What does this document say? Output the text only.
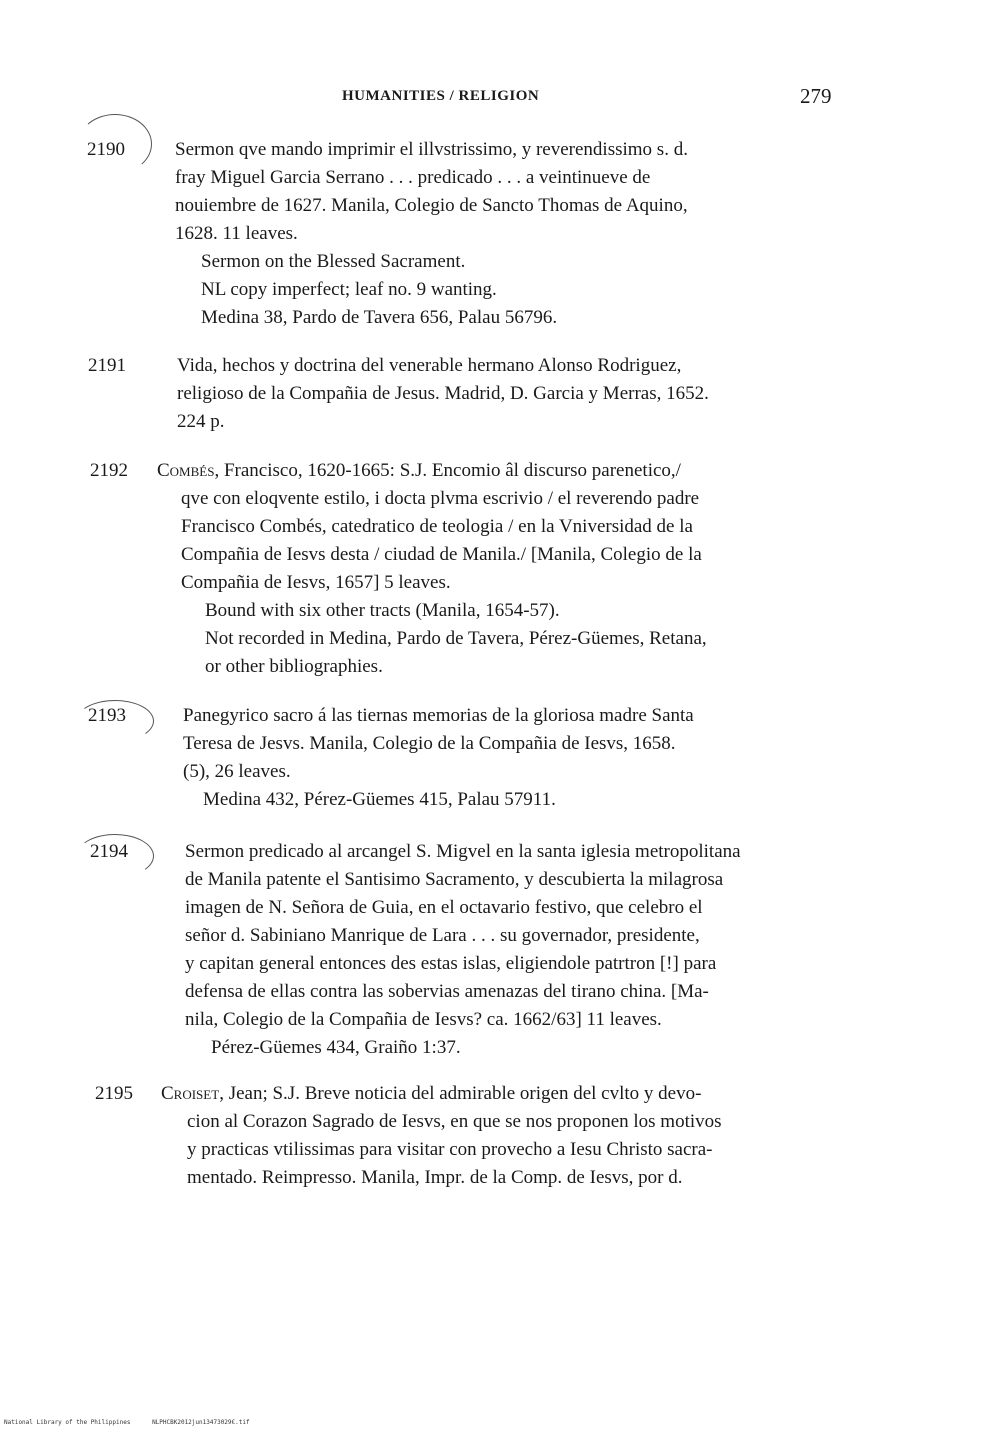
HUMANITIES / RELIGION	279
2190	Sermon qve mando imprimir el illvstrissimo, y reverendissimo s. d.
fray Miguel Garcia Serrano . . . predicado . . . a veintinueve de
nouiembre de 1627. Manila, Colegio de Sancto Thomas de Aquino,
1628. 11 leaves.
Sermon on the Blessed Sacrament.
NL copy imperfect; leaf no. 9 wanting.
Medina 38, Pardo de Tavera 656, Palau 56796.
2191	Vida, hechos y doctrina del venerable hermano Alonso Rodriguez,
religioso de la Compañia de Jesus. Madrid, D. Garcia y Merras, 1652.
224 p.
2192 Combés, Francisco, 1620-1665: S.J. Encomio âl discurso parenetico,/
qve con eloqvente estilo, i docta plvma escrivio / el reverendo padre
Francisco Combés, catedratico de teologia / en la Vniversidad de la
Compañia de Iesvs desta / ciudad de Manila./ [Manila, Colegio de la
Compañia de Iesvs, 1657] 5 leaves.
Bound with six other tracts (Manila, 1654-57).
Not recorded in Medina, Pardo de Tavera, Pérez-Güemes, Retana,
or other bibliographies.
2193	Panegyrico sacro á las tiernas memorias de la gloriosa madre Santa
Teresa de Jesvs. Manila, Colegio de la Compañia de Iesvs, 1658.
(5), 26 leaves.
Medina 432, Pérez-Güemes 415, Palau 57911.
2194	Sermon predicado al arcangel S. Migvel en la santa iglesia metropolitana
de Manila patente el Santisimo Sacramento, y descubierta la milagrosa
imagen de N. Señora de Guia, en el octavario festivo, que celebro el
señor d. Sabiniano Manrique de Lara . . . su governador, presidente,
y capitan general entonces des estas islas, eligiendole patrtron [!] para
defensa de ellas contra las sobervias amenazas del tirano china. [Ma-
nila, Colegio de la Compañia de Iesvs? ca. 1662/63] 11 leaves.
Pérez-Güemes 434, Graiño 1:37.
2195 Croiset, Jean; S.J. Breve noticia del admirable origen del cvlto y devo-
cion al Corazon Sagrado de Iesvs, en que se nos proponen los motivos
y practicas vtilissimas para visitar con provecho a Iesu Christo sacra-
mentado. Reimpresso. Manila, Impr. de la Comp. de Iesvs, por d.
National Library of the Philippines	NLPHCBK2012jun13473029€.tif
